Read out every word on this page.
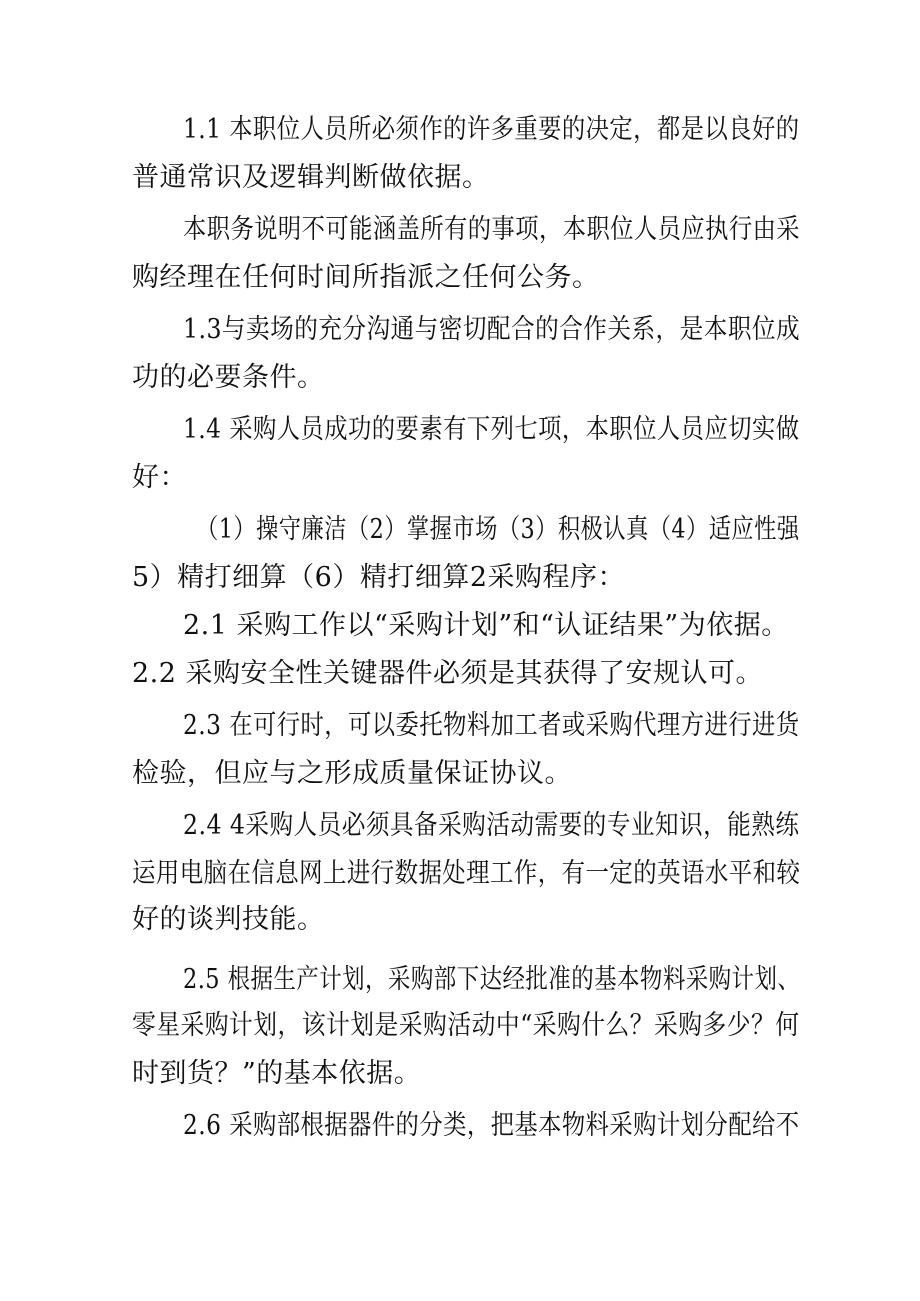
1.1 本职位人员所必须作的许多重要的决定，都是以良好的
普通常识及逻辑判断做依据。
本职务说明不可能涵盖所有的事项，本职位人员应执行由采
购经理在任何时间所指派之任何公务。
1.3与卖场的充分沟通与密切配合的合作关系，是本职位成
功的必要条件。
1.4 采购人员成功的要素有下列七项，本职位人员应切实做
好：
（1）操守廉洁（2）掌握市场（3）积极认真（4）适应性强
5）精打细算（6）精打细算2采购程序：
2.1 采购工作以“采购计划”和“认证结果”为依据。
2.2 采购安全性关键器件必须是其获得了安规认可。
2.3 在可行时，可以委托物料加工者或采购代理方进行进货
检验，但应与之形成质量保证协议。
2.4 4采购人员必须具备采购活动需要的专业知识，能熟练
运用电脑在信息网上进行数据处理工作，有一定的英语水平和较
好的谈判技能。
2.5 根据生产计划，采购部下达经批准的基本物料采购计划、
零星采购计划，该计划是采购活动中“采购什么？采购多少？何
时到货？”的基本依据。
2.6 采购部根据器件的分类，把基本物料采购计划分配给不
